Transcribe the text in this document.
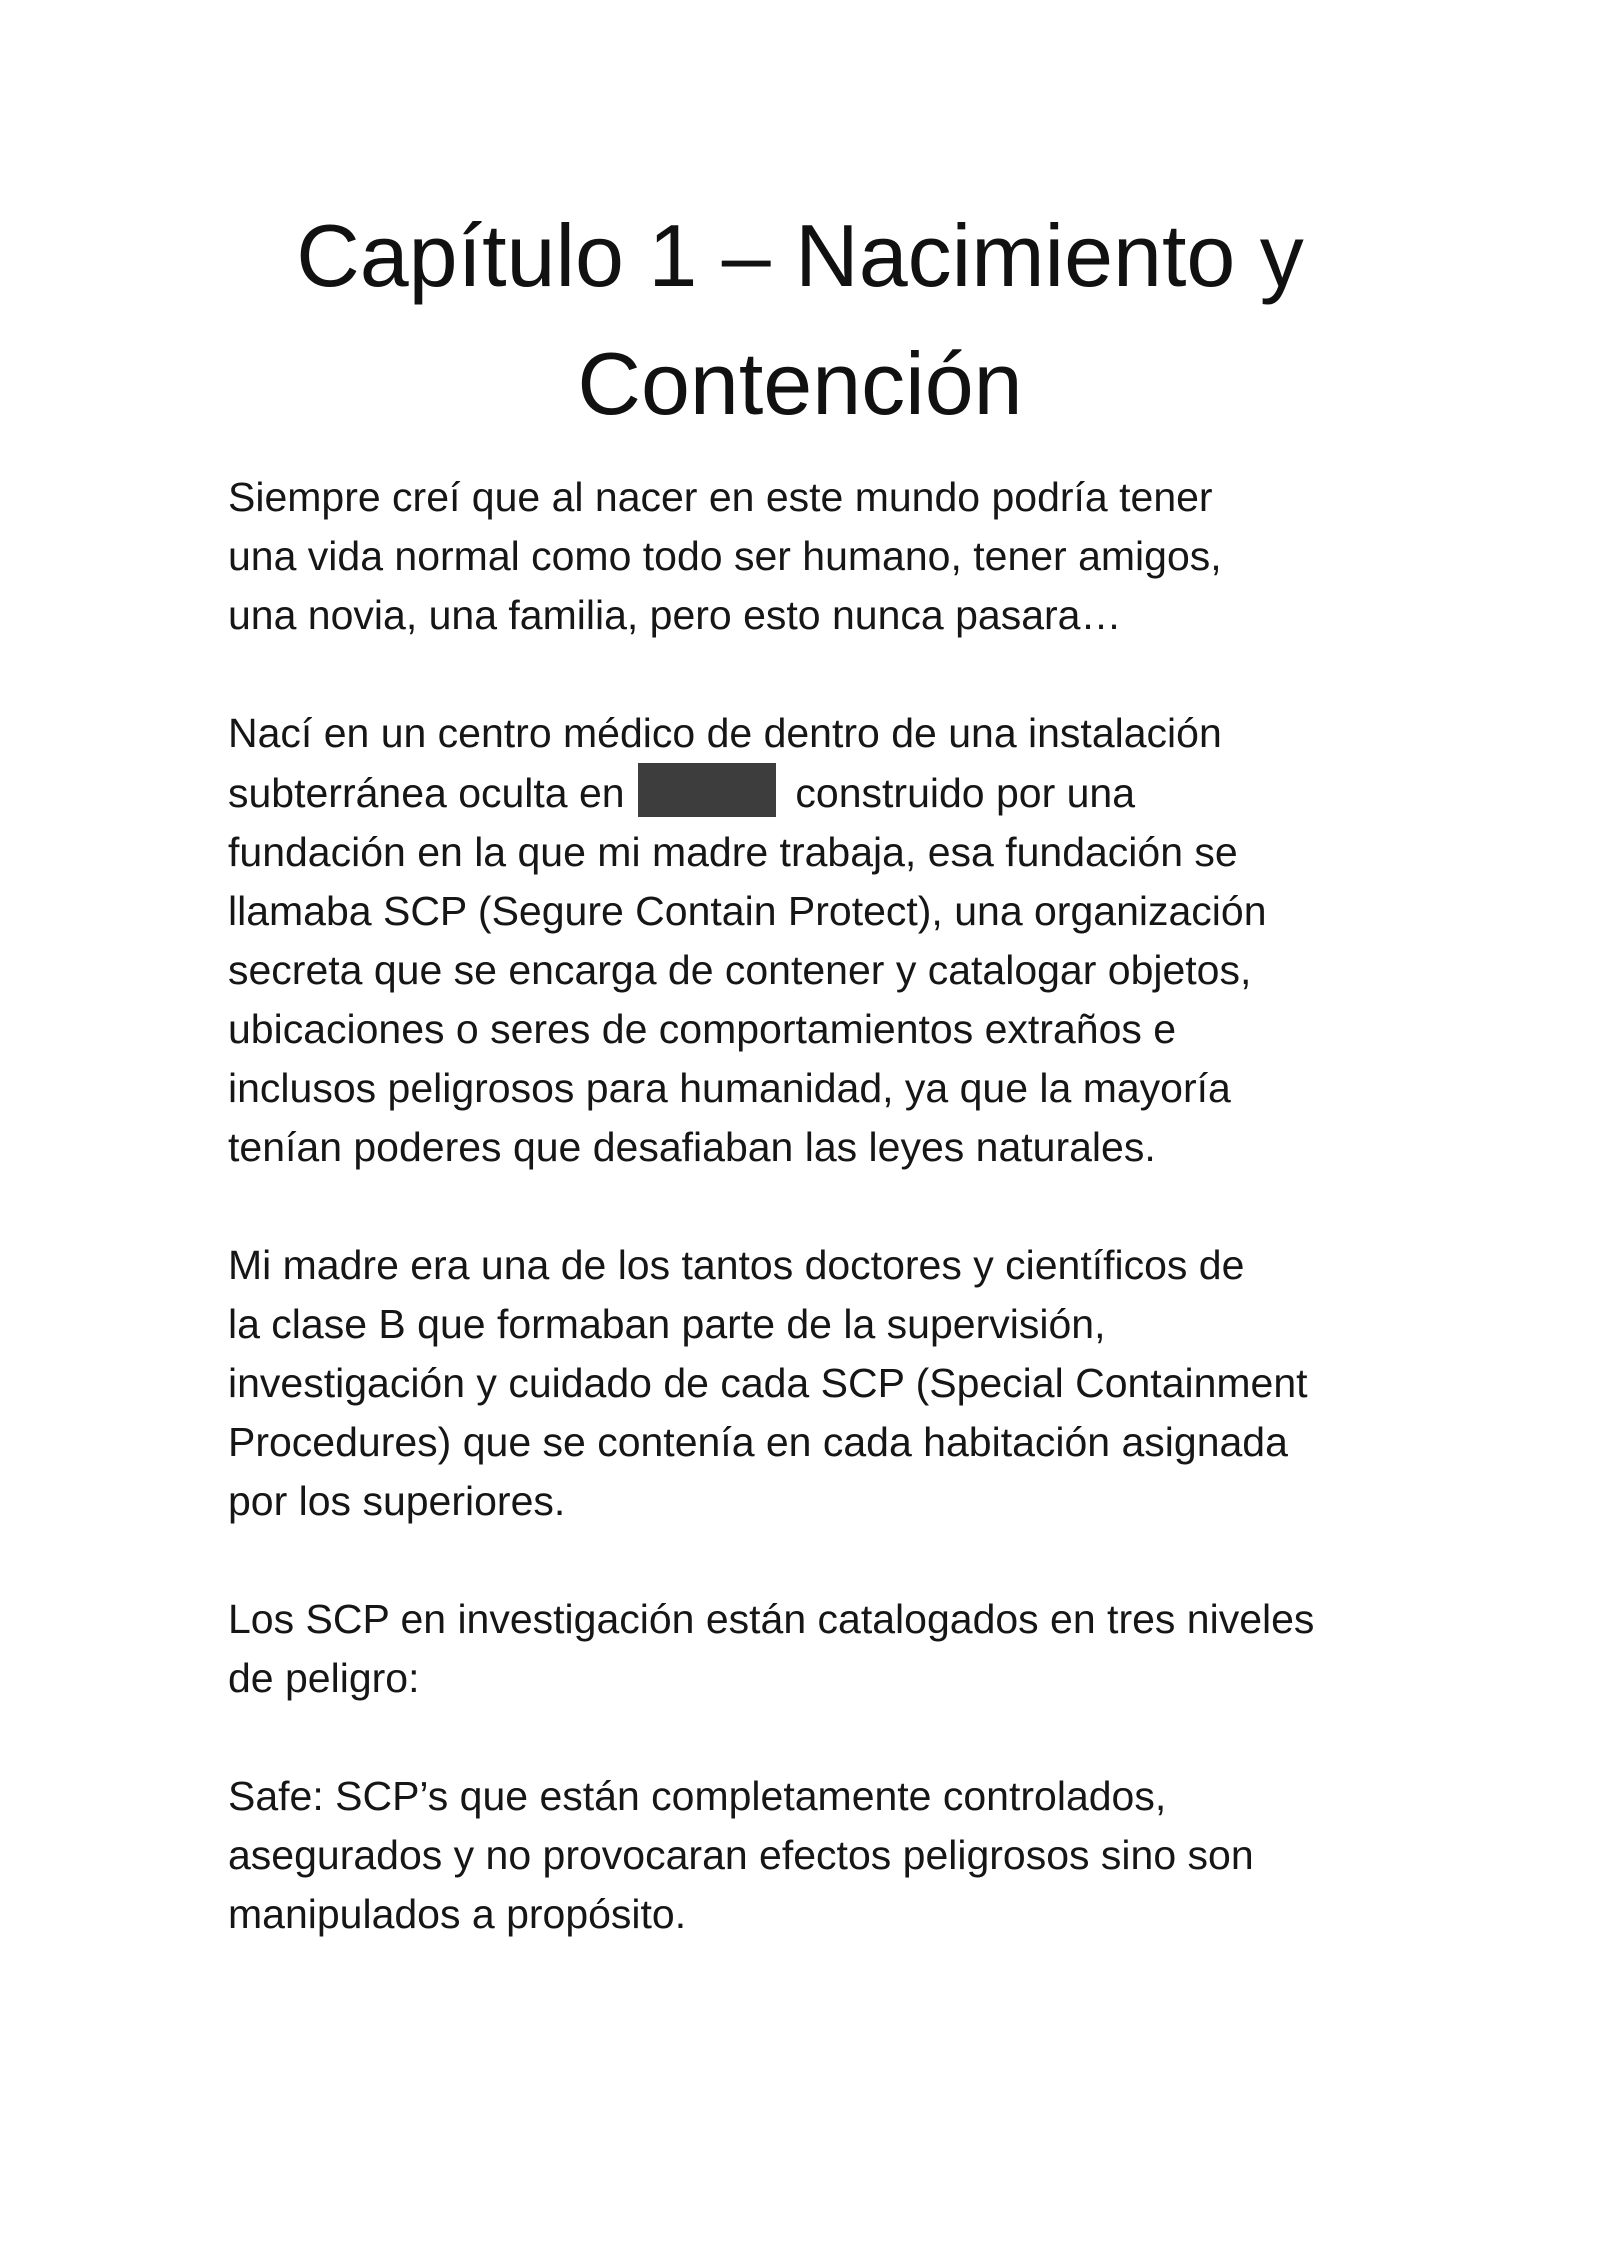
Capítulo 1 – Nacimiento y
Contención

Siempre creí que al nacer en este mundo podría tener
una vida normal como todo ser humano, tener amigos,
una novia, una familia, pero esto nunca pasara…

Nací en un centro médico de dentro de una instalación
subterránea oculta en	construido por una
fundación en la que mi madre trabaja, esa fundación se
llamaba SCP (Segure Contain Protect), una organización
secreta que se encarga de contener y catalogar objetos,
ubicaciones o seres de comportamientos extraños e
inclusos peligrosos para humanidad, ya que la mayoría
tenían poderes que desafiaban las leyes naturales.

Mi madre era una de los tantos doctores y científicos de
la clase B que formaban parte de la supervisión,
investigación y cuidado de cada SCP (Special Containment
Procedures) que se contenía en cada habitación asignada
por los superiores.

Los SCP en investigación están catalogados en tres niveles
de peligro:

Safe: SCP’s que están completamente controlados,
asegurados y no provocaran efectos peligrosos sino son
manipulados a propósito.
